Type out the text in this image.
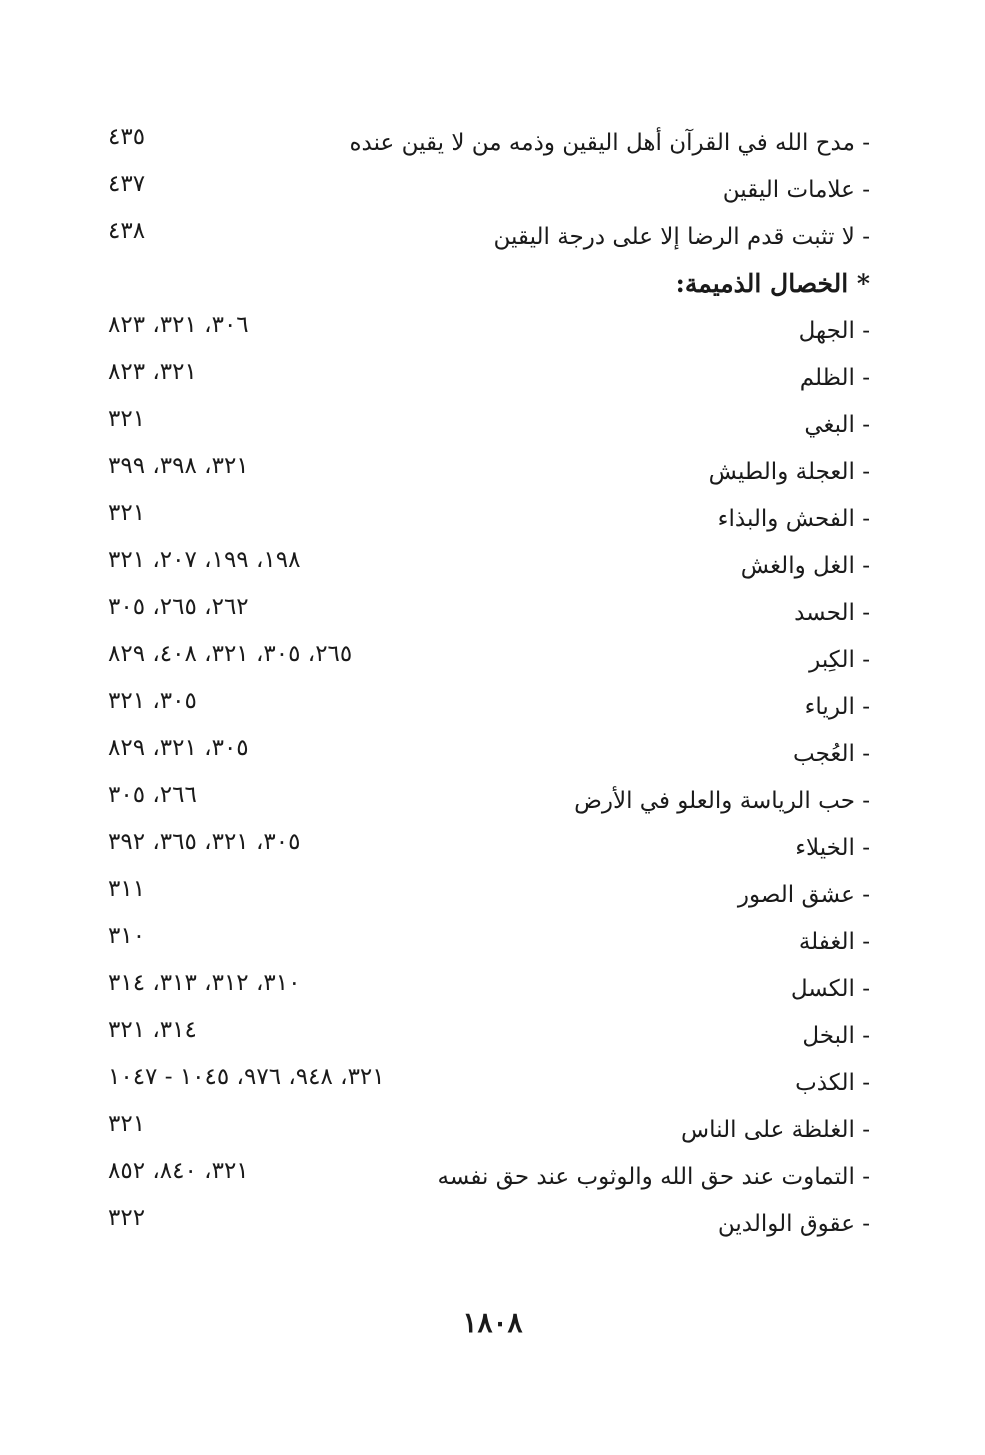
- مدح الله في القرآن أهل اليقين وذمه من لا يقين عنده
٤٣٥
- علامات اليقين
٤٣٧
- لا تثبت قدم الرضا إلا على درجة اليقين
٤٣٨
* الخصال الذميمة:
- الجهل
٣٠٦، ٣٢١، ٨٢٣
- الظلم
٣٢١، ٨٢٣
- البغي
٣٢١
- العجلة والطيش
٣٢١، ٣٩٨، ٣٩٩
- الفحش والبذاء
٣٢١
- الغل والغش
١٩٨، ١٩٩، ٢٠٧، ٣٢١
- الحسد
٢٦٢، ٢٦٥، ٣٠٥
- الكِبر
٢٦٥، ٣٠٥، ٣٢١، ٤٠٨، ٨٢٩
- الرياء
٣٠٥، ٣٢١
- العُجب
٣٠٥، ٣٢١، ٨٢٩
- حب الرياسة والعلو في الأرض
٢٦٦، ٣٠٥
- الخيلاء
٣٠٥، ٣٢١، ٣٦٥، ٣٩٢
- عشق الصور
٣١١
- الغفلة
٣١٠
- الكسل
٣١٠، ٣١٢، ٣١٣، ٣١٤
- البخل
٣١٤، ٣٢١
- الكذب
٣٢١، ٩٤٨، ٩٧٦، ١٠٤٥ - ١٠٤٧
- الغلظة على الناس
٣٢١
- التماوت عند حق الله والوثوب عند حق نفسه
٣٢١، ٨٤٠، ٨٥٢
- عقوق الوالدين
٣٢٢
١٨٠٨
